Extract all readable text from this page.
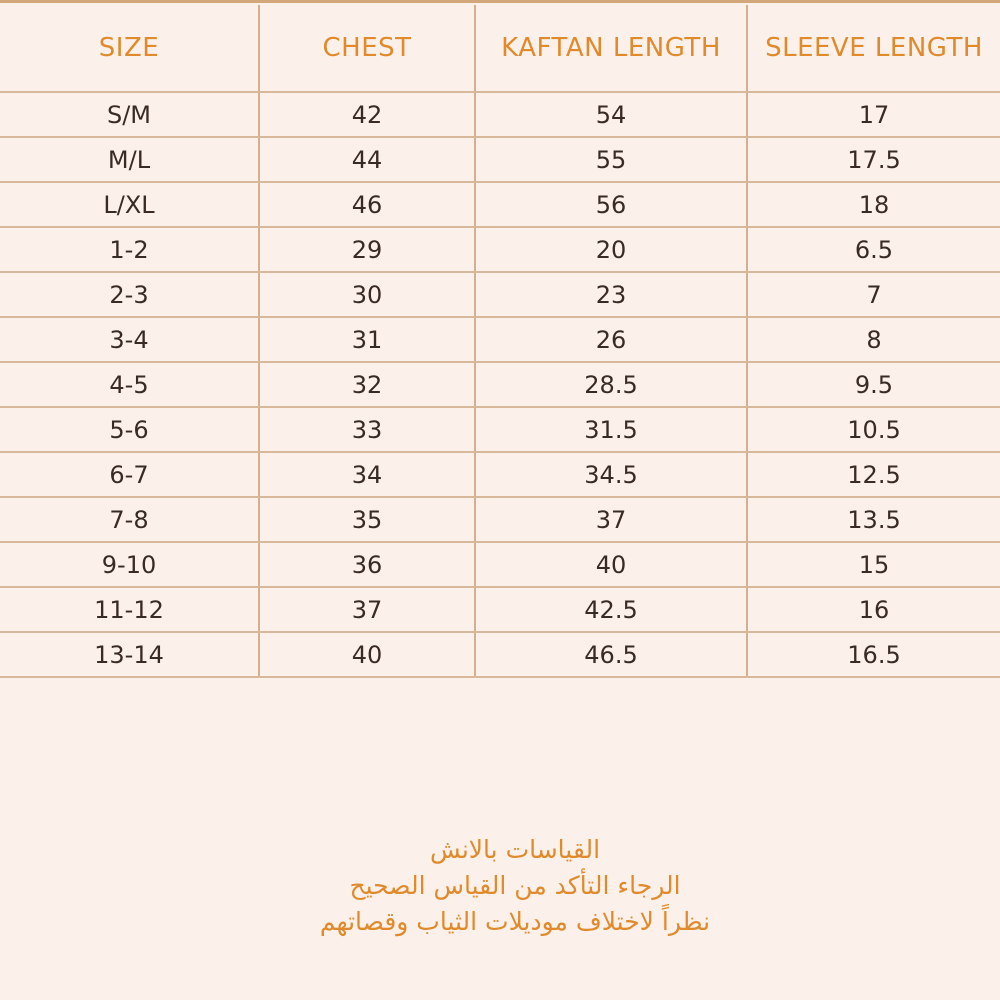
SIZE	CHEST	KAFTAN LENGTH	SLEEVE LENGTH
S/M	42	54	17
M/L	44	55	17.5
L/XL	46	56	18
1-2	29	20	6.5
2-3	30	23	7
3-4	31	26	8
4-5	32	28.5	9.5
5-6	33	31.5	10.5
6-7	34	34.5	12.5
7-8	35	37	13.5
9-10	36	40	15
11-12	37	42.5	16
13-14	40	46.5	16.5
القياسات بالانش
الرجاء التأكد من القياس الصحيح
نظراً لاختلاف موديلات الثياب وقصاتهم
